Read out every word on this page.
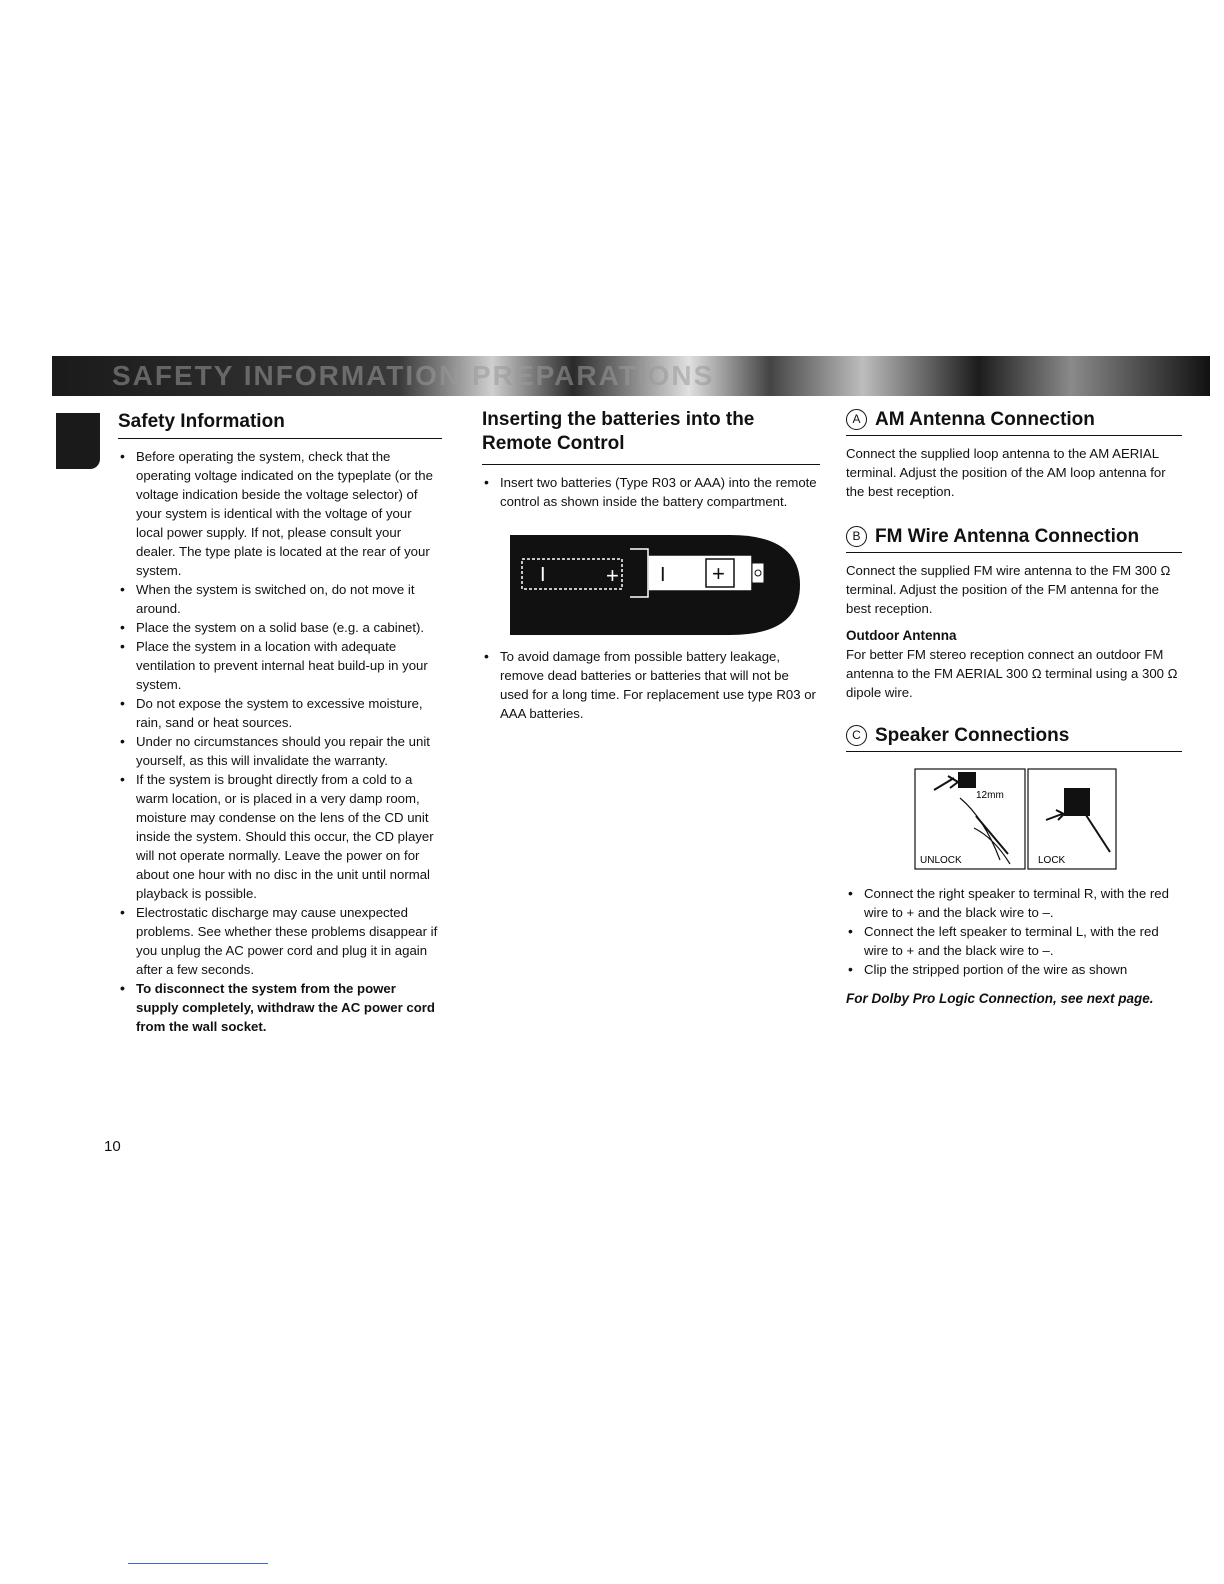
SAFETY INFORMATION PREPARATIONS
Safety Information
• Before operating the system, check that the operating voltage indicated on the typeplate (or the voltage indication beside the voltage selector) of your system is identical with the voltage of your local power supply. If not, please consult your dealer. The type plate is located at the rear of your system.
• When the system is switched on, do not move it around.
• Place the system on a solid base (e.g. a cabinet).
• Place the system in a location with adequate ventilation to prevent internal heat build-up in your system.
• Do not expose the system to excessive moisture, rain, sand or heat sources.
• Under no circumstances should you repair the unit yourself, as this will invalidate the warranty.
• If the system is brought directly from a cold to a warm location, or is placed in a very damp room, moisture may condense on the lens of the CD unit inside the system. Should this occur, the CD player will not operate normally. Leave the power on for about one hour with no disc in the unit until normal playback is possible.
• Electrostatic discharge may cause unexpected problems. See whether these problems disappear if you unplug the AC power cord and plug it in again after a few seconds.
• To disconnect the system from the power supply completely, withdraw the AC power cord from the wall socket.
Inserting the batteries into the Remote Control
• Insert two batteries (Type R03 or AAA) into the remote control as shown inside the battery compartment.
I	+ I +
• To avoid damage from possible battery leakage, remove dead batteries or batteries that will not be used for a long time. For replacement use type R03 or AAA batteries.
A AM Antenna Connection

Connect the supplied loop antenna to the AM AERIAL terminal. Adjust the position of the AM loop antenna for the best reception.

B FM Wire Antenna Connection

Connect the supplied FM wire antenna to the FM 300 Ω terminal. Adjust the position of the FM antenna for the best reception.

Outdoor Antenna

For better FM stereo reception connect an outdoor FM antenna to the FM AERIAL 300 Ω terminal using a 300 Ω dipole wire.

C Speaker Connections
12mm
UNLOCK	LOCK
• Connect the right speaker to terminal R, with the red wire to + and the black wire to –.
• Connect the left speaker to terminal L, with the red wire to + and the black wire to –.
• Clip the stripped portion of the wire as shown

For Dolby Pro Logic Connection, see next page.

10
